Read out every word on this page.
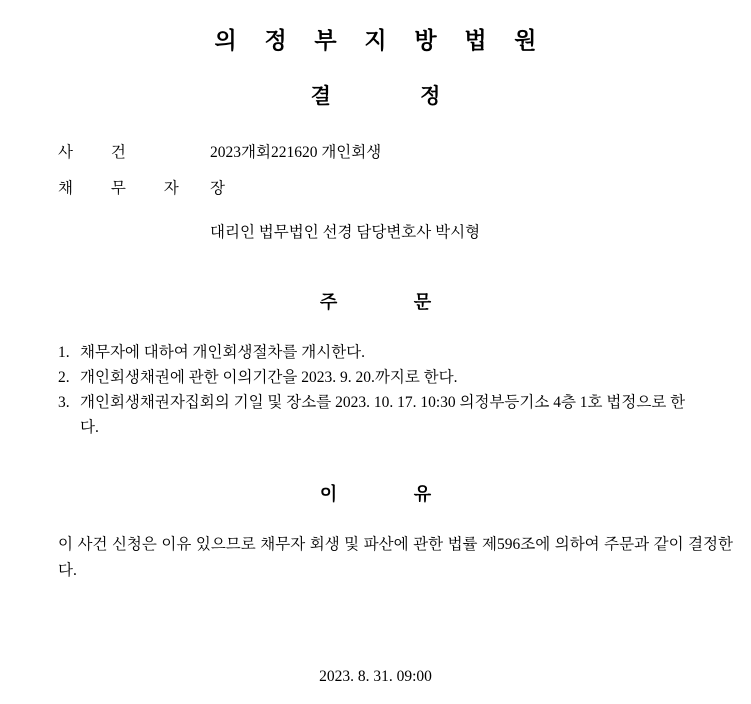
의 정 부 지 방 법 원
결 정
사 건	2023개회221620 개인회생
채 무 자 장
대리인 법무법인 선경 담당변호사 박시형
주 문
1. 채무자에 대하여 개인회생절차를 개시한다.
2. 개인회생채권에 관한 이의기간을 2023. 9. 20.까지로 한다.
3. 개인회생채권자집회의 기일 및 장소를 2023. 10. 17. 10:30 의정부등기소 4층 1호 법정으로 한다.
이 유

이 사건 신청은 이유 있으므로 채무자 회생 및 파산에 관한 법률 제596조에 의하여 주문과 같이 결정한다.

2023. 8. 31. 09:00
